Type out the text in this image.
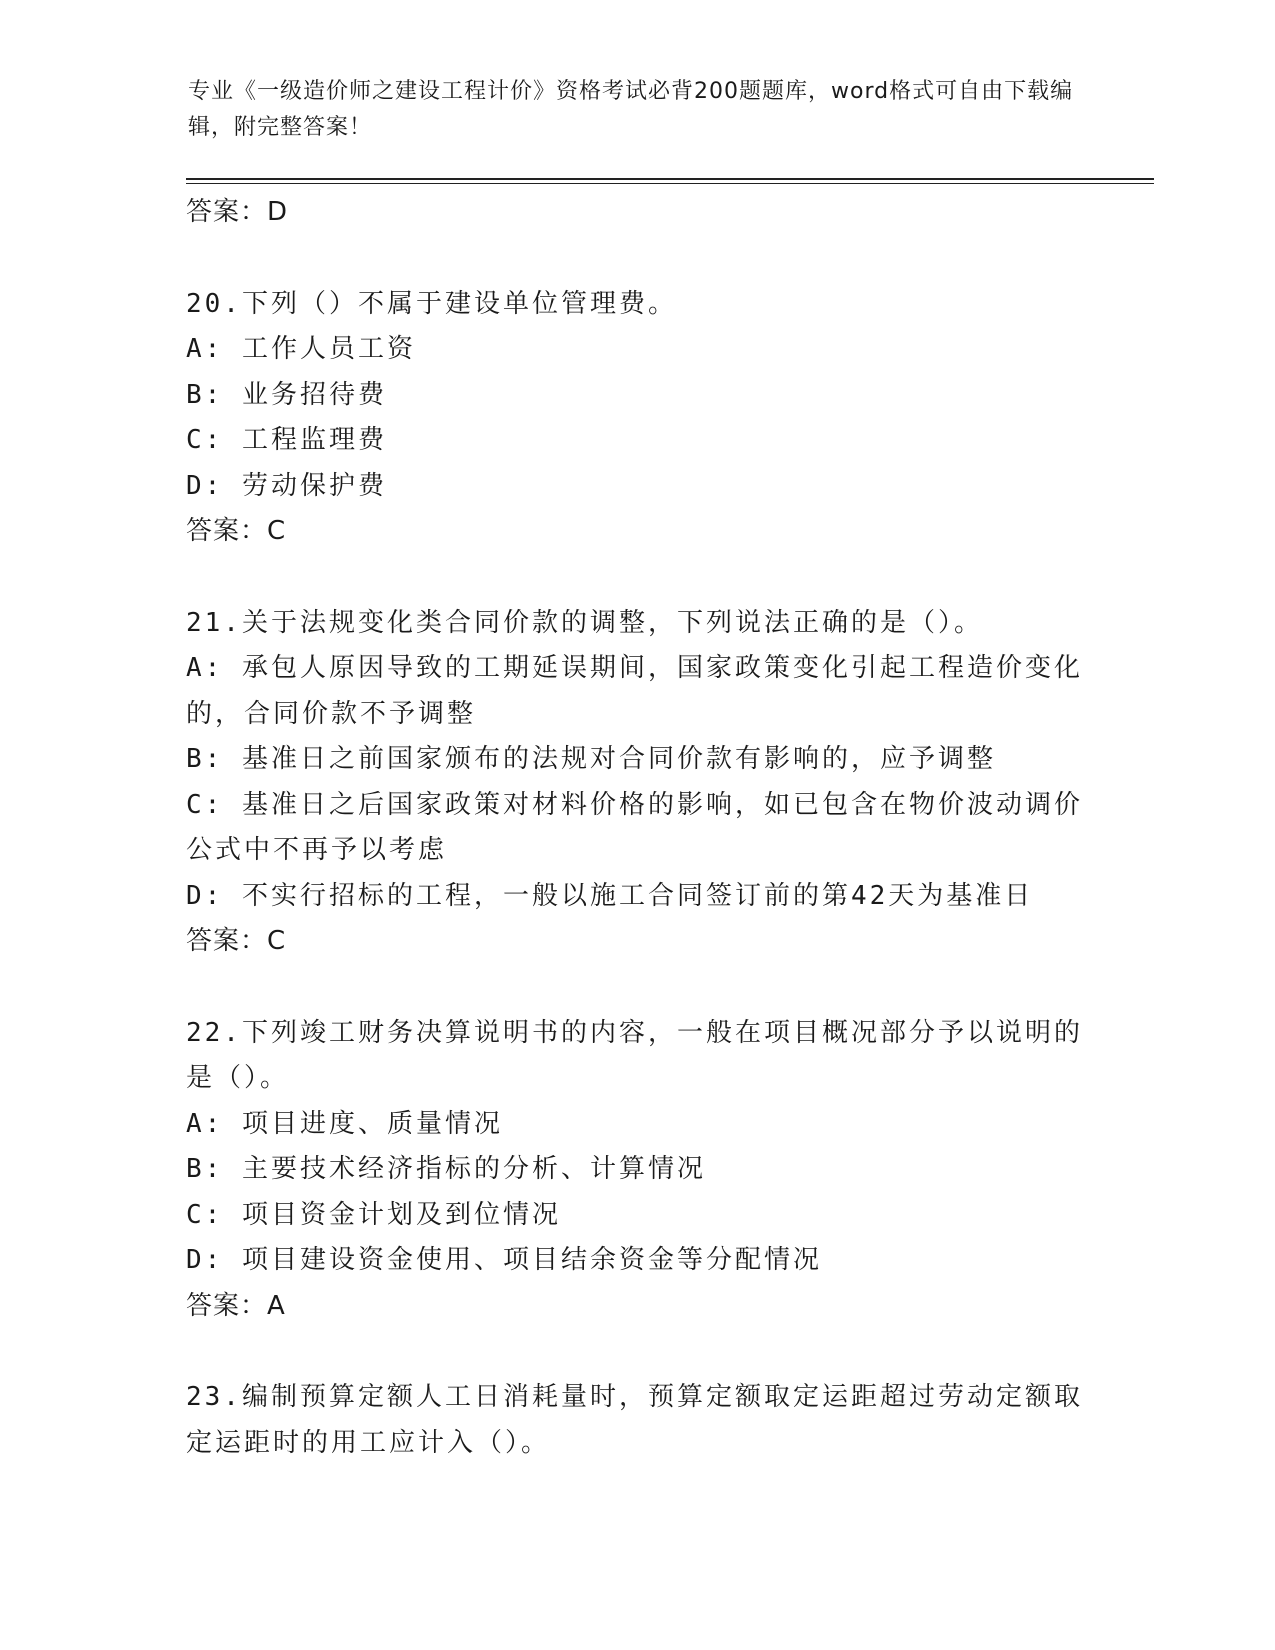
专业《一级造价师之建设工程计价》资格考试必背200题题库，word格式可自由下载编辑，附完整答案！
答案：D
20.下列（）不属于建设单位管理费。
A: 工作人员工资
B: 业务招待费
C: 工程监理费
D: 劳动保护费
答案：C
21.关于法规变化类合同价款的调整，下列说法正确的是（）。
A: 承包人原因导致的工期延误期间，国家政策变化引起工程造价变化的，合同价款不予调整
B: 基准日之前国家颁布的法规对合同价款有影响的，应予调整
C: 基准日之后国家政策对材料价格的影响，如已包含在物价波动调价公式中不再予以考虑
D: 不实行招标的工程，一般以施工合同签订前的第42天为基准日
答案：C
22.下列竣工财务决算说明书的内容，一般在项目概况部分予以说明的是（）。
A: 项目进度、质量情况
B: 主要技术经济指标的分析、计算情况
C: 项目资金计划及到位情况
D: 项目建设资金使用、项目结余资金等分配情况
答案：A
23.编制预算定额人工日消耗量时，预算定额取定运距超过劳动定额取定运距时的用工应计入（）。
